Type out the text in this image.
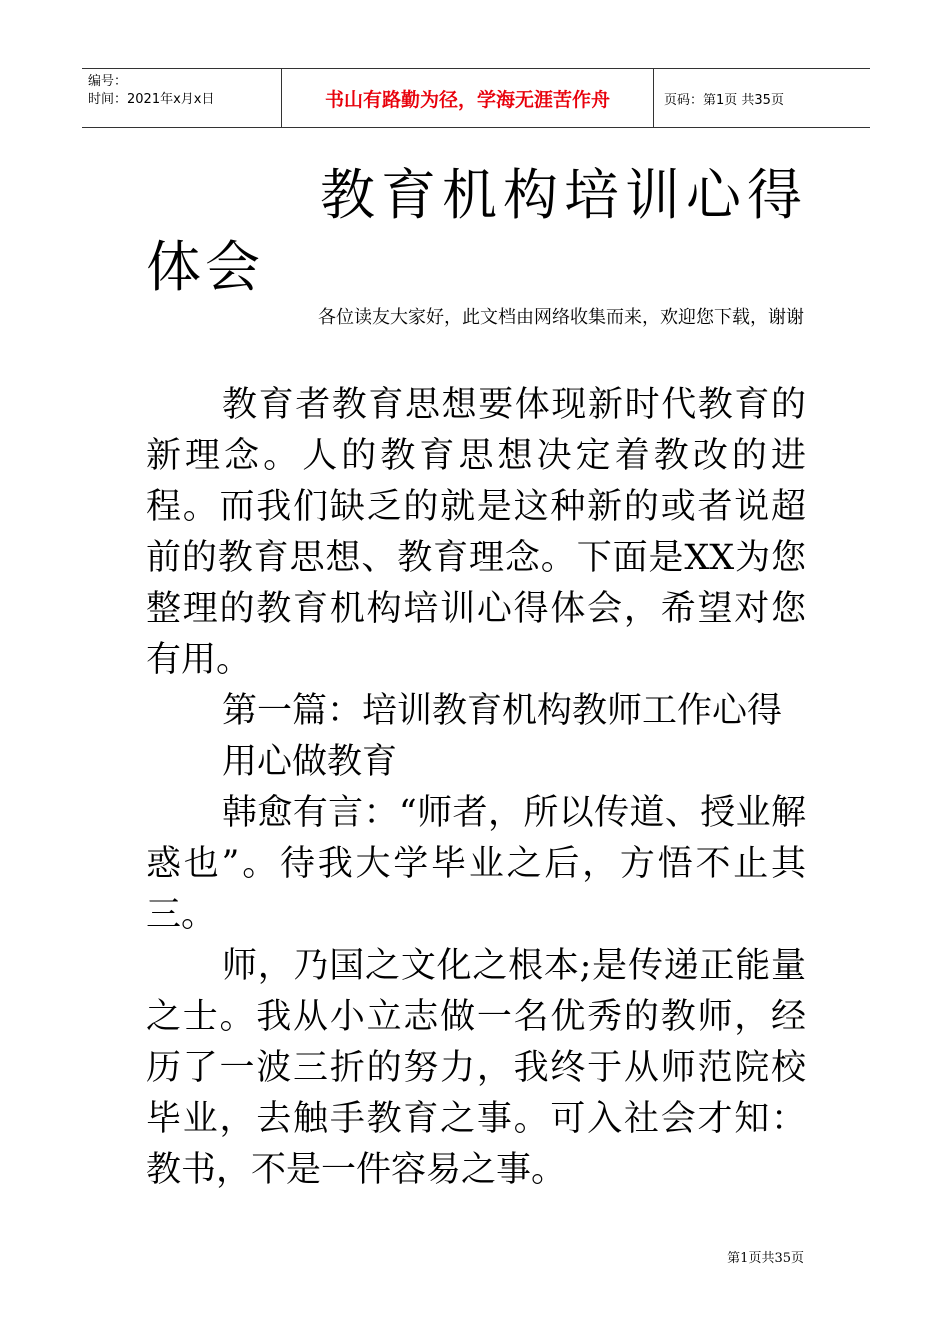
编号：
时间：2021年x月x日	书山有路勤为径，学海无涯苦作舟	页码：第1页 共35页
教育机构培训心得
体会
各位读友大家好，此文档由网络收集而来，欢迎您下载，谢谢

教育者教育思想要体现新时代教育的新理念。人的教育思想决定着教改的进程。而我们缺乏的就是这种新的或者说超前的教育思想、教育理念。下面是XX为您整理的教育机构培训心得体会，希望对您有用。

第一篇：培训教育机构教师工作心得

用心做教育

韩愈有言：“师者，所以传道、授业解惑也”。待我大学毕业之后，方悟不止其三。

师，乃国之文化之根本;是传递正能量之士。我从小立志做一名优秀的教师，经历了一波三折的努力，我终于从师范院校毕业，去触手教育之事。可入社会才知：教书，不是一件容易之事。

第1页共35页
